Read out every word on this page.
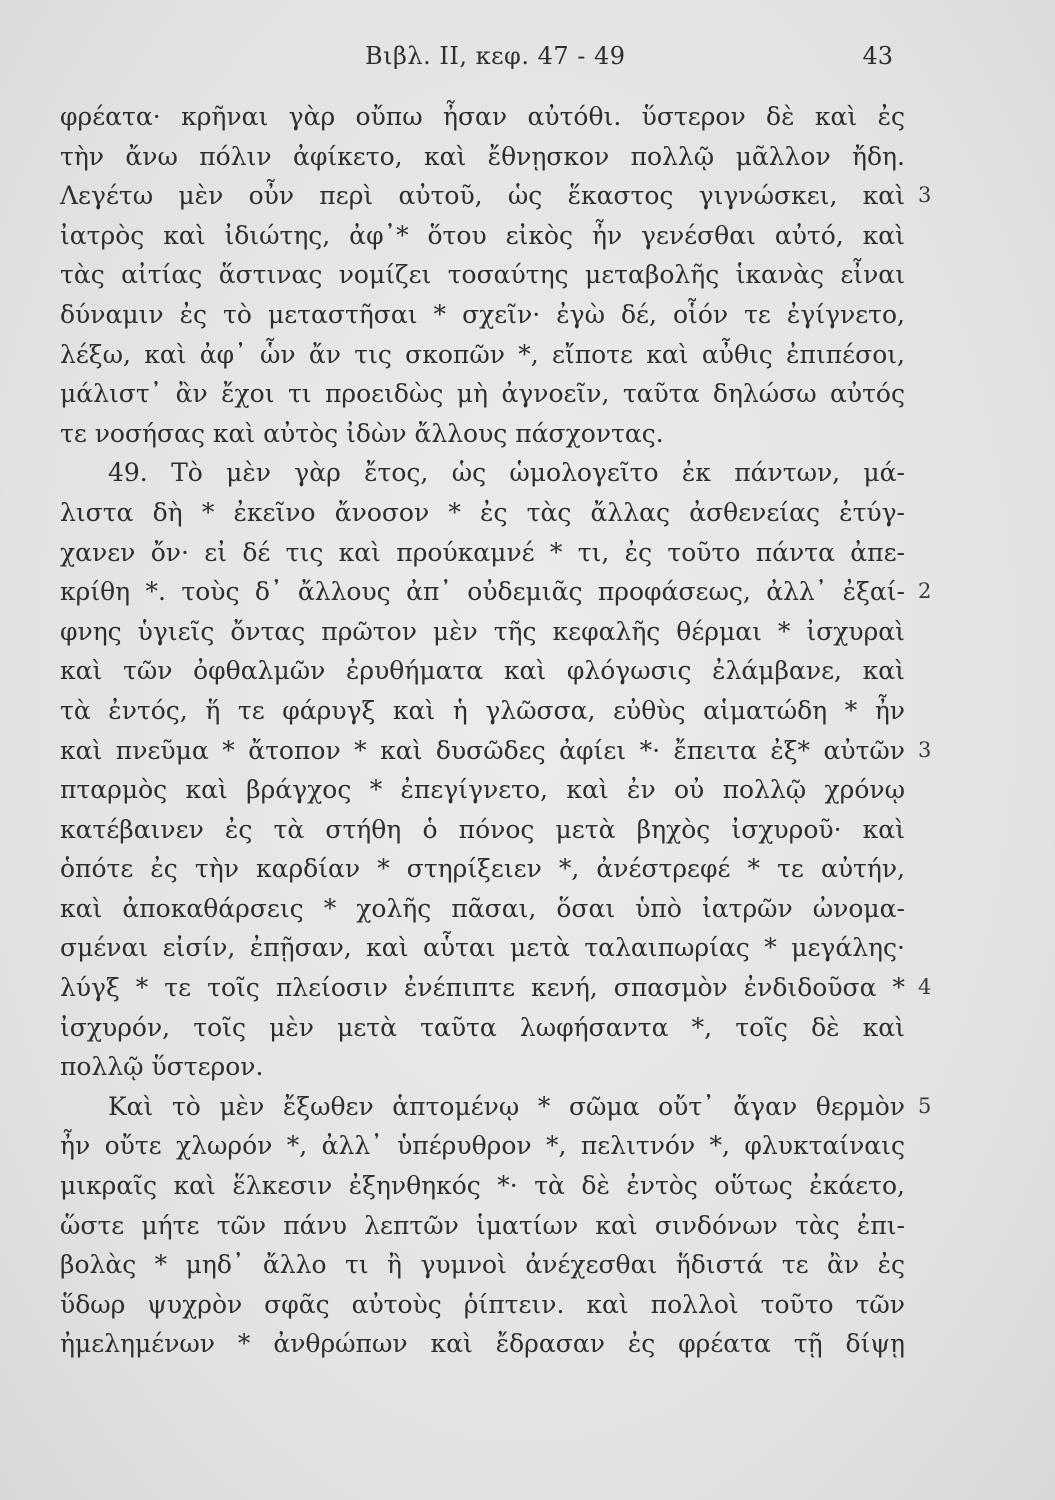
Βιβλ. II, κεφ. 47 - 49	43
φρέατα· κρῆναι γὰρ οὔπω ἦσαν αὐτόθι. ὕστερον δὲ καὶ ἐς
τὴν ἄνω πόλιν ἀφίκετο, καὶ ἔθνῃσκον πολλῷ μᾶλλον ἤδη.
Λεγέτω μὲν οὖν περὶ αὐτοῦ, ὡς ἕκαστος γιγνώσκει, καὶ 3
ἰατρὸς καὶ ἰδιώτης, ἀφ᾽* ὅτου εἰκὸς ἦν γενέσθαι αὐτό, καὶ
τὰς αἰτίας ἅστινας νομίζει τοσαύτης μεταβολῆς ἱκανὰς εἶναι
δύναμιν ἐς τὸ μεταστῆσαι * σχεῖν· ἐγὼ δέ, οἷόν τε ἐγίγνετο,
λέξω, καὶ ἀφ᾽ ὧν ἄν τις σκοπῶν *, εἴποτε καὶ αὖθις ἐπιπέσοι,
μάλιστ᾽ ἂν ἔχοι τι προειδὼς μὴ ἀγνοεῖν, ταῦτα δηλώσω αὐτός
τε νοσήσας καὶ αὐτὸς ἰδὼν ἄλλους πάσχοντας.
49. Τὸ μὲν γὰρ ἔτος, ὡς ὡμολογεῖτο ἐκ πάντων, μά-
λιστα δὴ * ἐκεῖνο ἄνοσον * ἐς τὰς ἄλλας ἀσθενείας ἐτύγ-
χανεν ὄν· εἰ δέ τις καὶ προύκαμνέ * τι, ἐς τοῦτο πάντα ἀπε-
κρίθη *. τοὺς δ᾽ ἄλλους ἀπ᾽ οὐδεμιᾶς προφάσεως, ἀλλ᾽ ἐξαί- 2
φνης ὑγιεῖς ὄντας πρῶτον μὲν τῆς κεφαλῆς θέρμαι * ἰσχυραὶ
καὶ τῶν ὀφθαλμῶν ἐρυθήματα καὶ φλόγωσις ἐλάμβανε, καὶ
τὰ ἐντός, ἥ τε φάρυγξ καὶ ἡ γλῶσσα, εὐθὺς αἱματώδη * ἦν
καὶ πνεῦμα * ἄτοπον * καὶ δυσῶδες ἀφίει *· ἔπειτα ἐξ* αὐτῶν 3
πταρμὸς καὶ βράγχος * ἐπεγίγνετο, καὶ ἐν οὐ πολλῷ χρόνῳ
κατέβαινεν ἐς τὰ στήθη ὁ πόνος μετὰ βηχὸς ἰσχυροῦ· καὶ
ὁπότε ἐς τὴν καρδίαν * στηρίξειεν *, ἀνέστρεφέ * τε αὐτήν,
καὶ ἀποκαθάρσεις * χολῆς πᾶσαι, ὅσαι ὑπὸ ἰατρῶν ὠνομα-
σμέναι εἰσίν, ἐπῇσαν, καὶ αὗται μετὰ ταλαιπωρίας * μεγάλης·
λύγξ * τε τοῖς πλείοσιν ἐνέπιπτε κενή, σπασμὸν ἐνδιδοῦσα * 4
ἰσχυρόν, τοῖς μὲν μετὰ ταῦτα λωφήσαντα *, τοῖς δὲ καὶ
πολλῷ ὕστερον.
Καὶ τὸ μὲν ἔξωθεν ἁπτομένῳ * σῶμα οὔτ᾽ ἄγαν θερμὸν 5
ἦν οὔτε χλωρόν *, ἀλλ᾽ ὑπέρυθρον *, πελιτνόν *, φλυκταίναις
μικραῖς καὶ ἕλκεσιν ἐξηνθηκός *· τὰ δὲ ἐντὸς οὕτως ἐκάετο,
ὥστε μήτε τῶν πάνυ λεπτῶν ἱματίων καὶ σινδόνων τὰς ἐπι-
βολὰς * μηδ᾽ ἄλλο τι ἢ γυμνοὶ ἀνέχεσθαι ἥδιστά τε ἂν ἐς
ὕδωρ ψυχρὸν σφᾶς αὐτοὺς ῥίπτειν. καὶ πολλοὶ τοῦτο τῶν
ἠμελημένων * ἀνθρώπων καὶ ἔδρασαν ἐς φρέατα τῇ δίψῃ
